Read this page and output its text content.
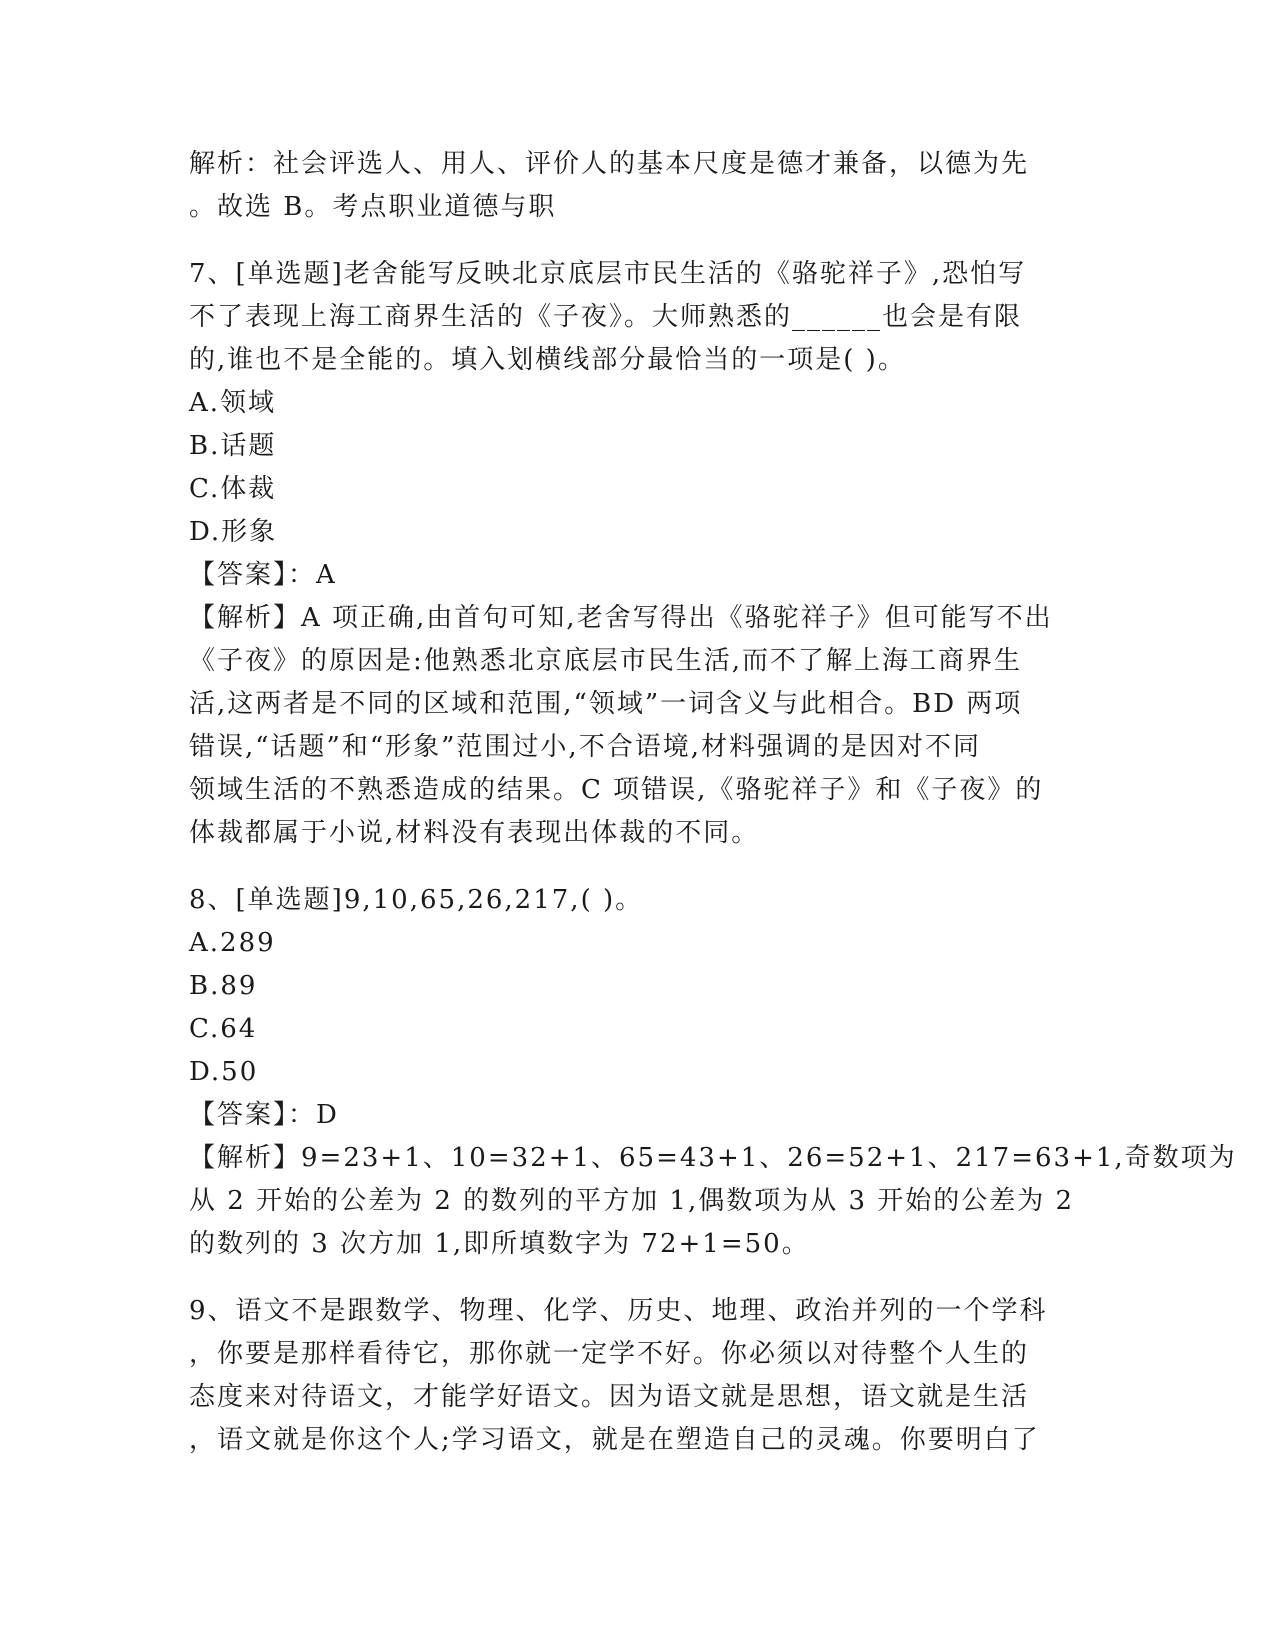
解析：社会评选人、用人、评价人的基本尺度是德才兼备，以德为先
。故选 B。考点职业道德与职
7、[单选题]老舍能写反映北京底层市民生活的《骆驼祥子》,恐怕写
不了表现上海工商界生活的《子夜》。大师熟悉的______也会是有限
的,谁也不是全能的。填入划横线部分最恰当的一项是( )。
A.领域
B.话题
C.体裁
D.形象
【答案】：A
【解析】A 项正确,由首句可知,老舍写得出《骆驼祥子》但可能写不出
《子夜》的原因是:他熟悉北京底层市民生活,而不了解上海工商界生
活,这两者是不同的区域和范围,“领域”一词含义与此相合。BD 两项
错误,“话题”和“形象”范围过小,不合语境,材料强调的是因对不同
领域生活的不熟悉造成的结果。C 项错误,《骆驼祥子》和《子夜》的
体裁都属于小说,材料没有表现出体裁的不同。
8、[单选题]9,10,65,26,217,( )。
A.289
B.89
C.64
D.50
【答案】：D
【解析】9=23+1、10=32+1、65=43+1、26=52+1、217=63+1,奇数项为
从 2 开始的公差为 2 的数列的平方加 1,偶数项为从 3 开始的公差为 2
的数列的 3 次方加 1,即所填数字为 72+1=50。
9、语文不是跟数学、物理、化学、历史、地理、政治并列的一个学科
，你要是那样看待它，那你就一定学不好。你必须以对待整个人生的
态度来对待语文，才能学好语文。因为语文就是思想，语文就是生活
，语文就是你这个人;学习语文，就是在塑造自己的灵魂。你要明白了
